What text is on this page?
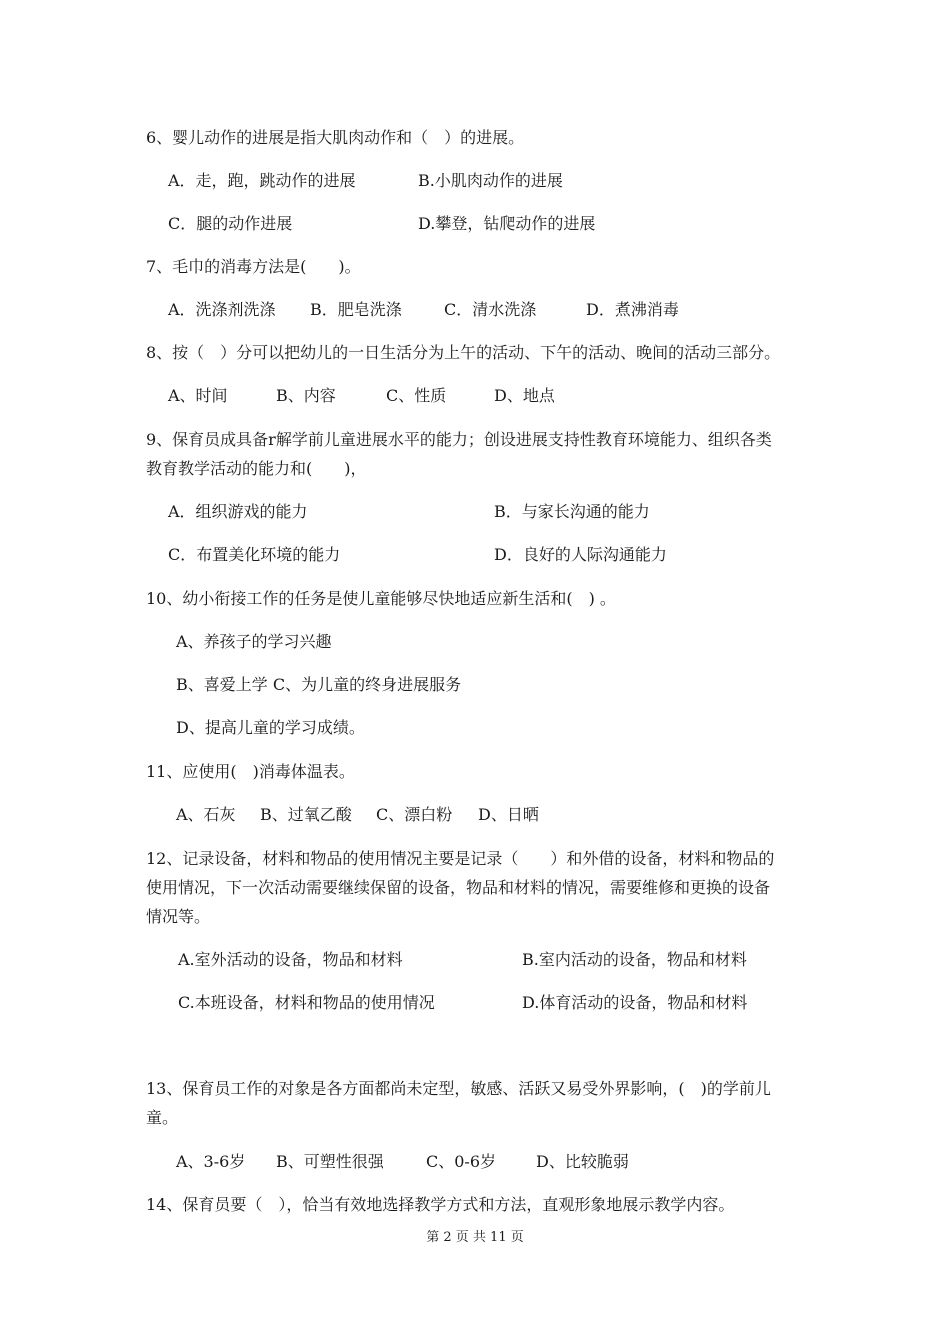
6、婴儿动作的进展是指大肌肉动作和（　）的进展。
A．走，跑，跳动作的进展	B.小肌肉动作的进展
C．腿的动作进展	D.攀登，钻爬动作的进展
7、毛巾的消毒方法是(　　)。
A．洗涤剂洗涤 B．肥皂洗涤	C．清水洗涤	D．煮沸消毒
8、按（　）分可以把幼儿的一日生活分为上午的活动、下午的活动、晚间的活动三部分。
A、时间	B、内容	C、性质	D、地点
9、保育员成具备r解学前儿童进展水平的能力；创设进展支持性教育环境能力、组织各类
教育教学活动的能力和(　　)，
A．组织游戏的能力	B．与家长沟通的能力
C．布置美化环境的能力	D．良好的人际沟通能力
10、幼小衔接工作的任务是使儿童能够尽快地适应新生活和(　) 。
A、养孩子的学习兴趣
B、喜爱上学 C、为儿童的终身进展服务
D、提高儿童的学习成绩。
11、应使用(　)消毒体温表。
A、石灰 B、过氧乙酸 C、漂白粉 D、日晒
12、记录设备，材料和物品的使用情况主要是记录（　　）和外借的设备，材料和物品的
使用情况，下一次活动需要继续保留的设备，物品和材料的情况，需要维修和更换的设备
情况等。
A.室外活动的设备，物品和材料	B.室内活动的设备，物品和材料
C.本班设备，材料和物品的使用情况	D.体育活动的设备，物品和材料
13、保育员工作的对象是各方面都尚未定型，敏感、活跃又易受外界影响，(　)的学前儿
童。
A、3-6岁 B、可塑性很强	C、0-6岁 D、比较脆弱
14、保育员要（　），恰当有效地选择教学方式和方法，直观形象地展示教学内容。
第 2 页 共 11 页
